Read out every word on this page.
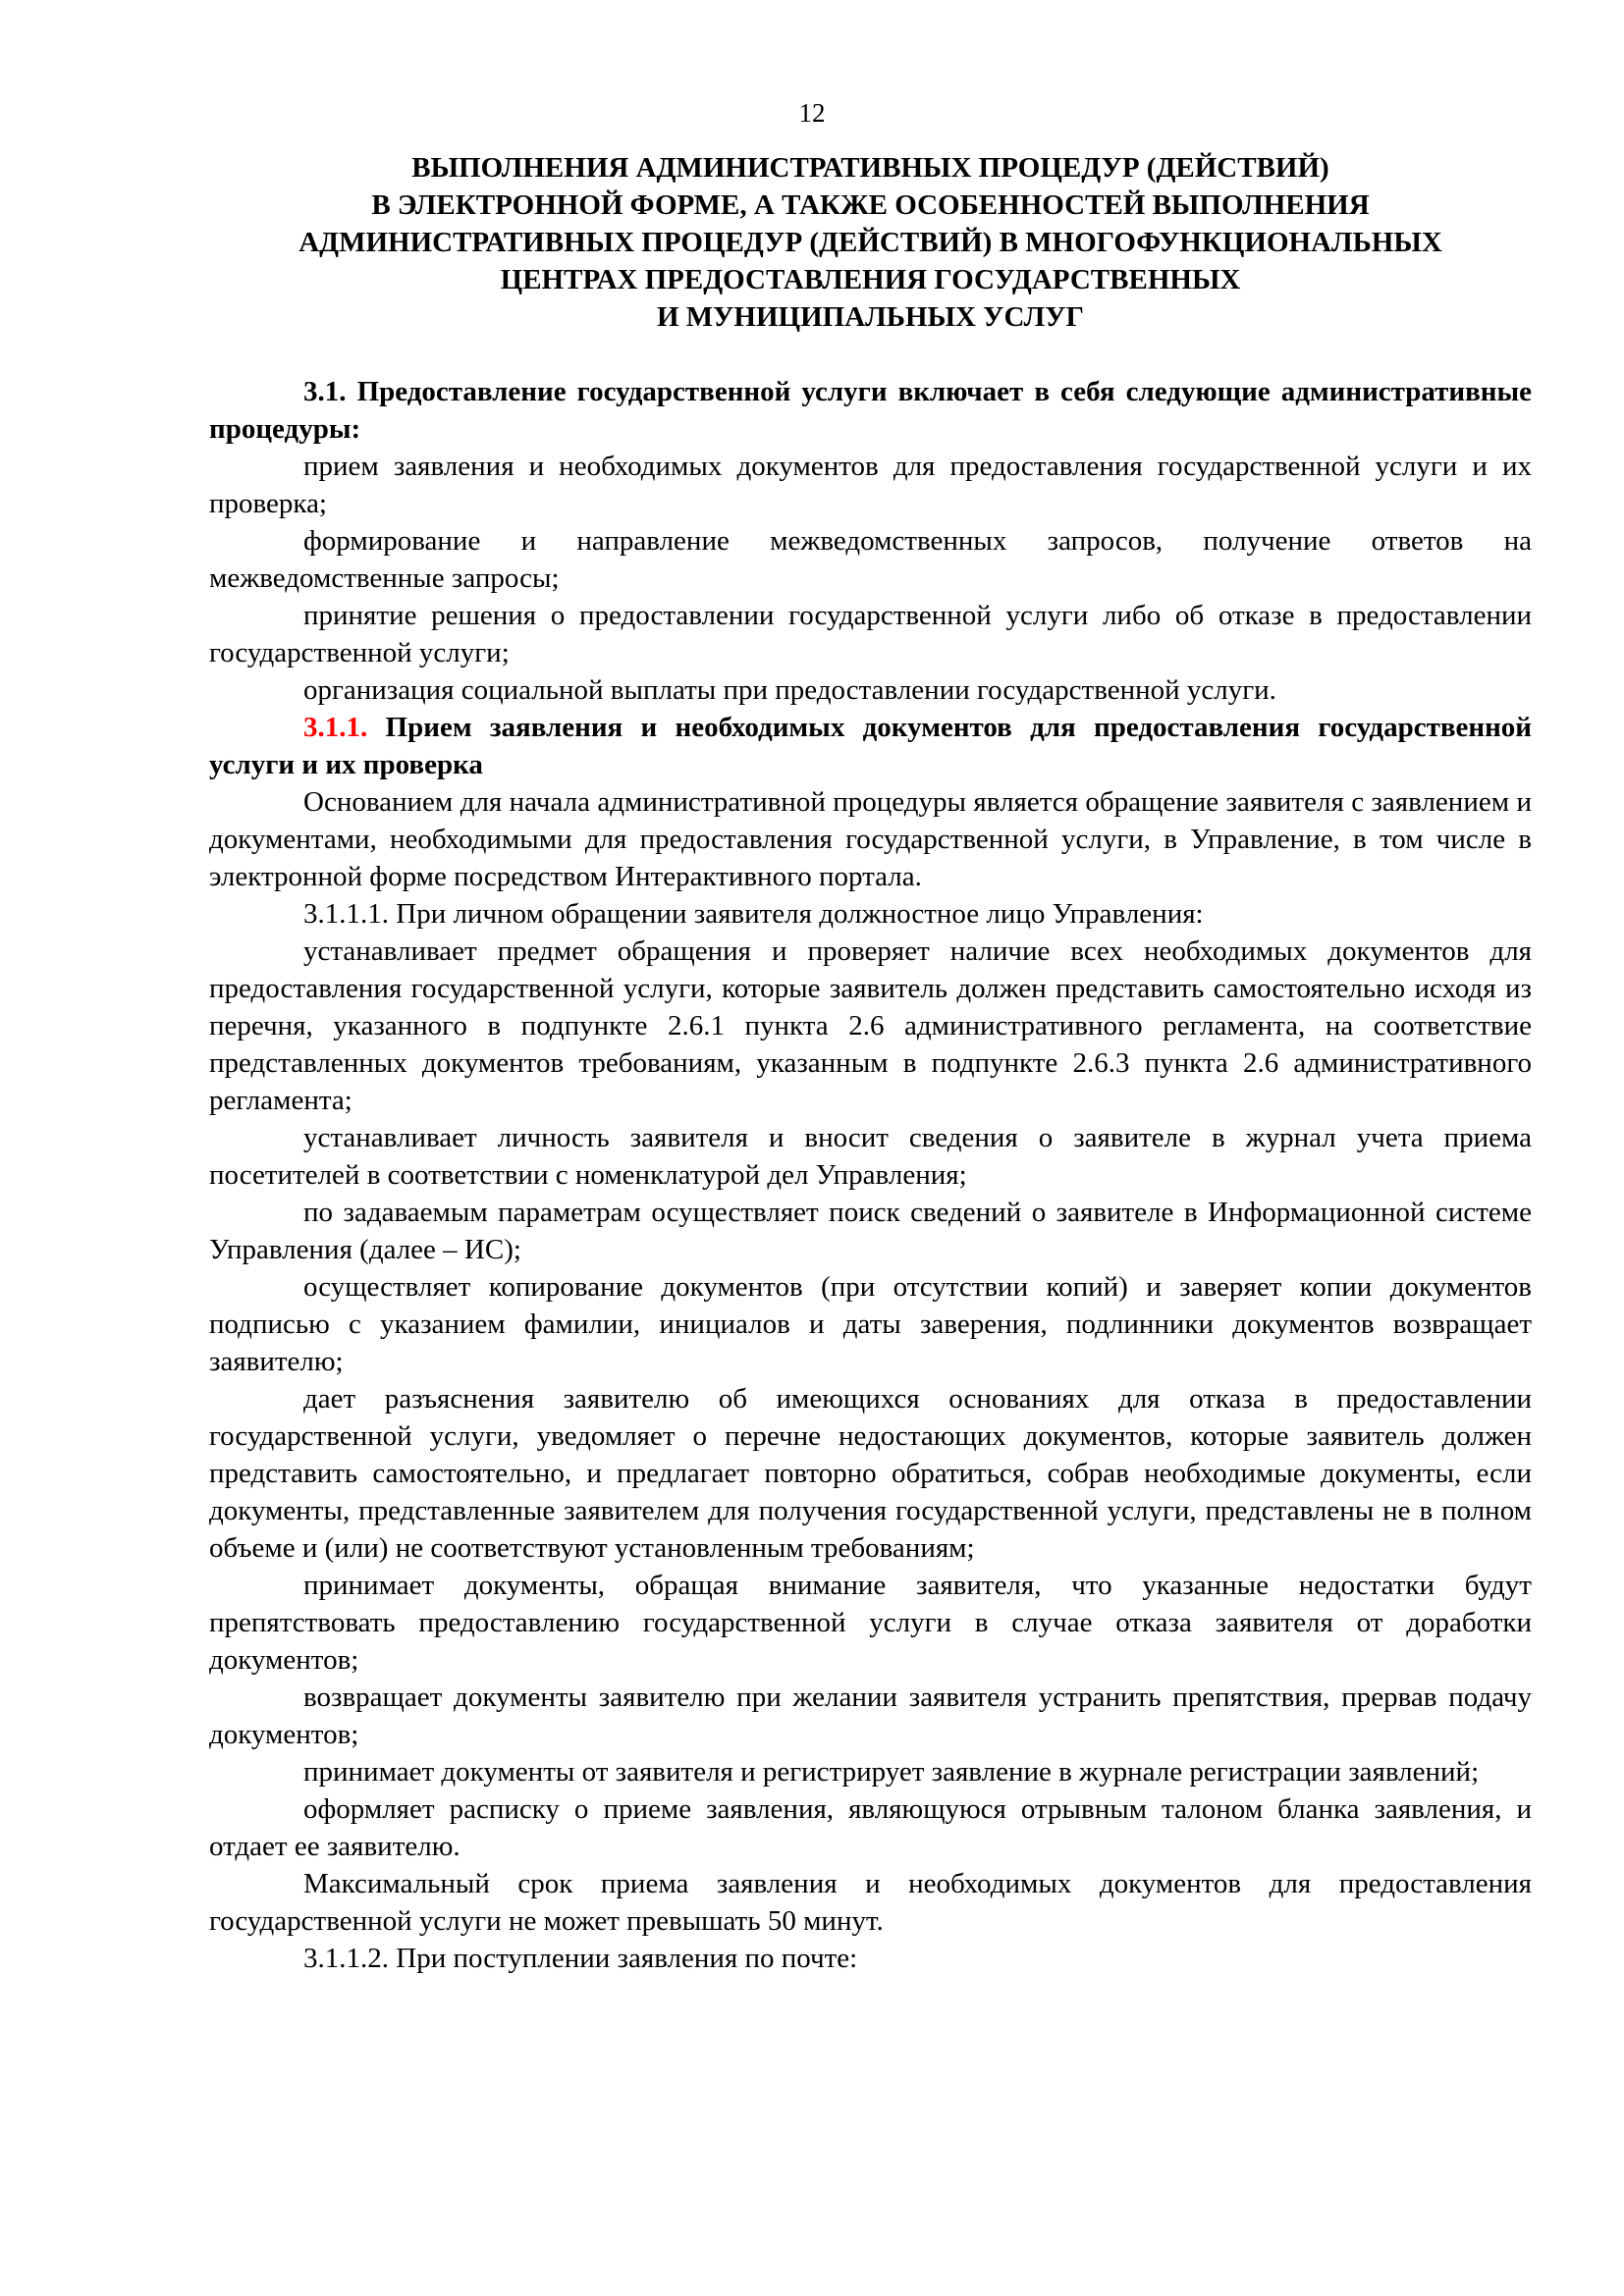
12
ВЫПОЛНЕНИЯ АДМИНИСТРАТИВНЫХ ПРОЦЕДУР (ДЕЙСТВИЙ)
В ЭЛЕКТРОННОЙ ФОРМЕ, А ТАКЖЕ ОСОБЕННОСТЕЙ ВЫПОЛНЕНИЯ
АДМИНИСТРАТИВНЫХ ПРОЦЕДУР (ДЕЙСТВИЙ) В МНОГОФУНКЦИОНАЛЬНЫХ
ЦЕНТРАХ ПРЕДОСТАВЛЕНИЯ ГОСУДАРСТВЕННЫХ
И МУНИЦИПАЛЬНЫХ УСЛУГ

3.1. Предоставление государственной услуги включает в себя следующие административные процедуры:

прием заявления и необходимых документов для предоставления государственной услуги и их проверка;

формирование и направление межведомственных запросов, получение ответов на межведомственные запросы;

принятие решения о предоставлении государственной услуги либо об отказе в предоставлении государственной услуги;

организация социальной выплаты при предоставлении государственной услуги.

3.1.1. Прием заявления и необходимых документов для предоставления государственной услуги и их проверка

Основанием для начала административной процедуры является обращение заявителя с заявлением и документами, необходимыми для предоставления государственной услуги, в Управление, в том числе в электронной форме посредством Интерактивного портала.

3.1.1.1. При личном обращении заявителя должностное лицо Управления:

устанавливает предмет обращения и проверяет наличие всех необходимых документов для предоставления государственной услуги, которые заявитель должен представить самостоятельно исходя из перечня, указанного в подпункте 2.6.1 пункта 2.6 административного регламента, на соответствие представленных документов требованиям, указанным в подпункте 2.6.3 пункта 2.6 административного регламента;

устанавливает личность заявителя и вносит сведения о заявителе в журнал учета приема посетителей в соответствии с номенклатурой дел Управления;

по задаваемым параметрам осуществляет поиск сведений о заявителе в Информационной системе Управления (далее – ИС);

осуществляет копирование документов (при отсутствии копий) и заверяет копии документов подписью с указанием фамилии, инициалов и даты заверения, подлинники документов возвращает заявителю;

дает разъяснения заявителю об имеющихся основаниях для отказа в предоставлении государственной услуги, уведомляет о перечне недостающих документов, которые заявитель должен представить самостоятельно, и предлагает повторно обратиться, собрав необходимые документы, если документы, представленные заявителем для получения государственной услуги, представлены не в полном объеме и (или) не соответствуют установленным требованиям;

принимает документы, обращая внимание заявителя, что указанные недостатки будут препятствовать предоставлению государственной услуги в случае отказа заявителя от доработки документов;

возвращает документы заявителю при желании заявителя устранить препятствия, прервав подачу документов;

принимает документы от заявителя и регистрирует заявление в журнале регистрации заявлений;

оформляет расписку о приеме заявления, являющуюся отрывным талоном бланка заявления, и отдает ее заявителю.

Максимальный срок приема заявления и необходимых документов для предоставления государственной услуги не может превышать 50 минут.

3.1.1.2. При поступлении заявления по почте:
